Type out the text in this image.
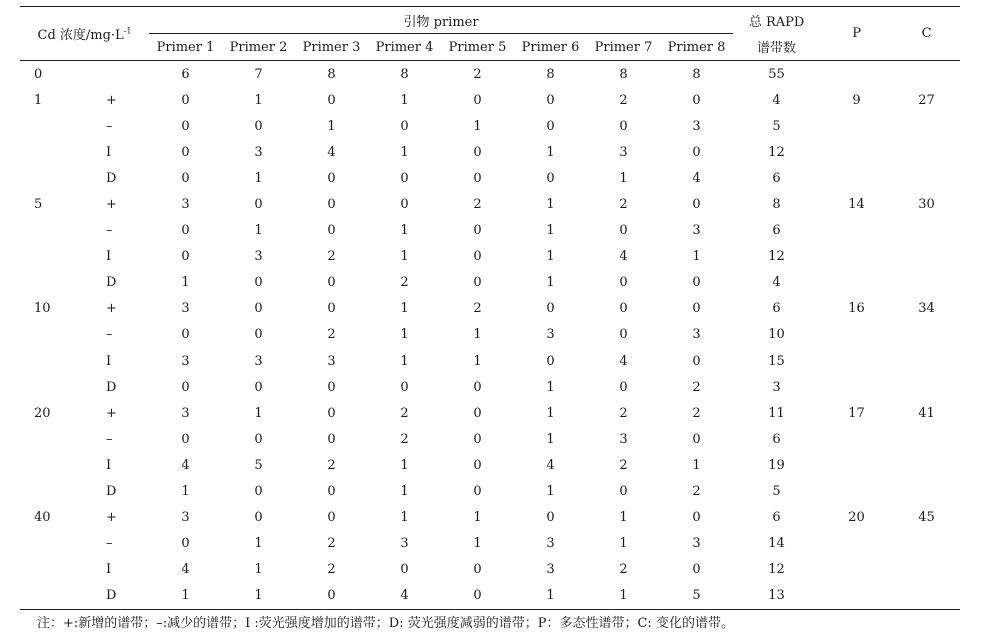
Cd 浓度$/mg\cdot L^{-1}$		引物 primer								总 RAPD	P	C
		Primer 1	Primer 2	Primer 3	Primer 4	Primer 5	Primer 6	Primer 7	Primer 8	谱带数		
0		6	7	8	8	2	8	8	8	55		
1	+	0	1	0	1	0	0	2	0	4	9	27
	–	0	0	1	0	1	0	0	3	5		
	I	0	3	4	1	0	1	3	0	12		
	D	0	1	0	0	0	0	1	4	6		
5	+	3	0	0	0	2	1	2	0	8	14	30
	–	0	1	0	1	0	1	0	3	6		
	I	0	3	2	1	0	1	4	1	12		
	D	1	0	0	2	0	1	0	0	4		
10	+	3	0	0	1	2	0	0	0	6	16	34
	–	0	0	2	1	1	3	0	3	10		
	I	3	3	3	1	1	0	4	0	15		
	D	0	0	0	0	0	1	0	2	3		
20	+	3	1	0	2	0	1	2	2	11	17	41
	–	0	0	0	2	0	1	3	0	6		
	I	4	5	2	1	0	4	2	1	19		
	D	1	0	0	1	0	1	0	2	5		
40	+	3	0	0	1	1	0	1	0	6	20	45
	–	0	1	2	3	1	3	1	3	14		
	I	4	1	2	0	0	3	2	0	12		
	D	1	1	0	4	0	1	1	5	13		
注：+:新增的谱带；–:减少的谱带；I :荧光强度增加的谱带；D: 荧光强度减弱的谱带；P：多态性谱带；C: 变化的谱带。
